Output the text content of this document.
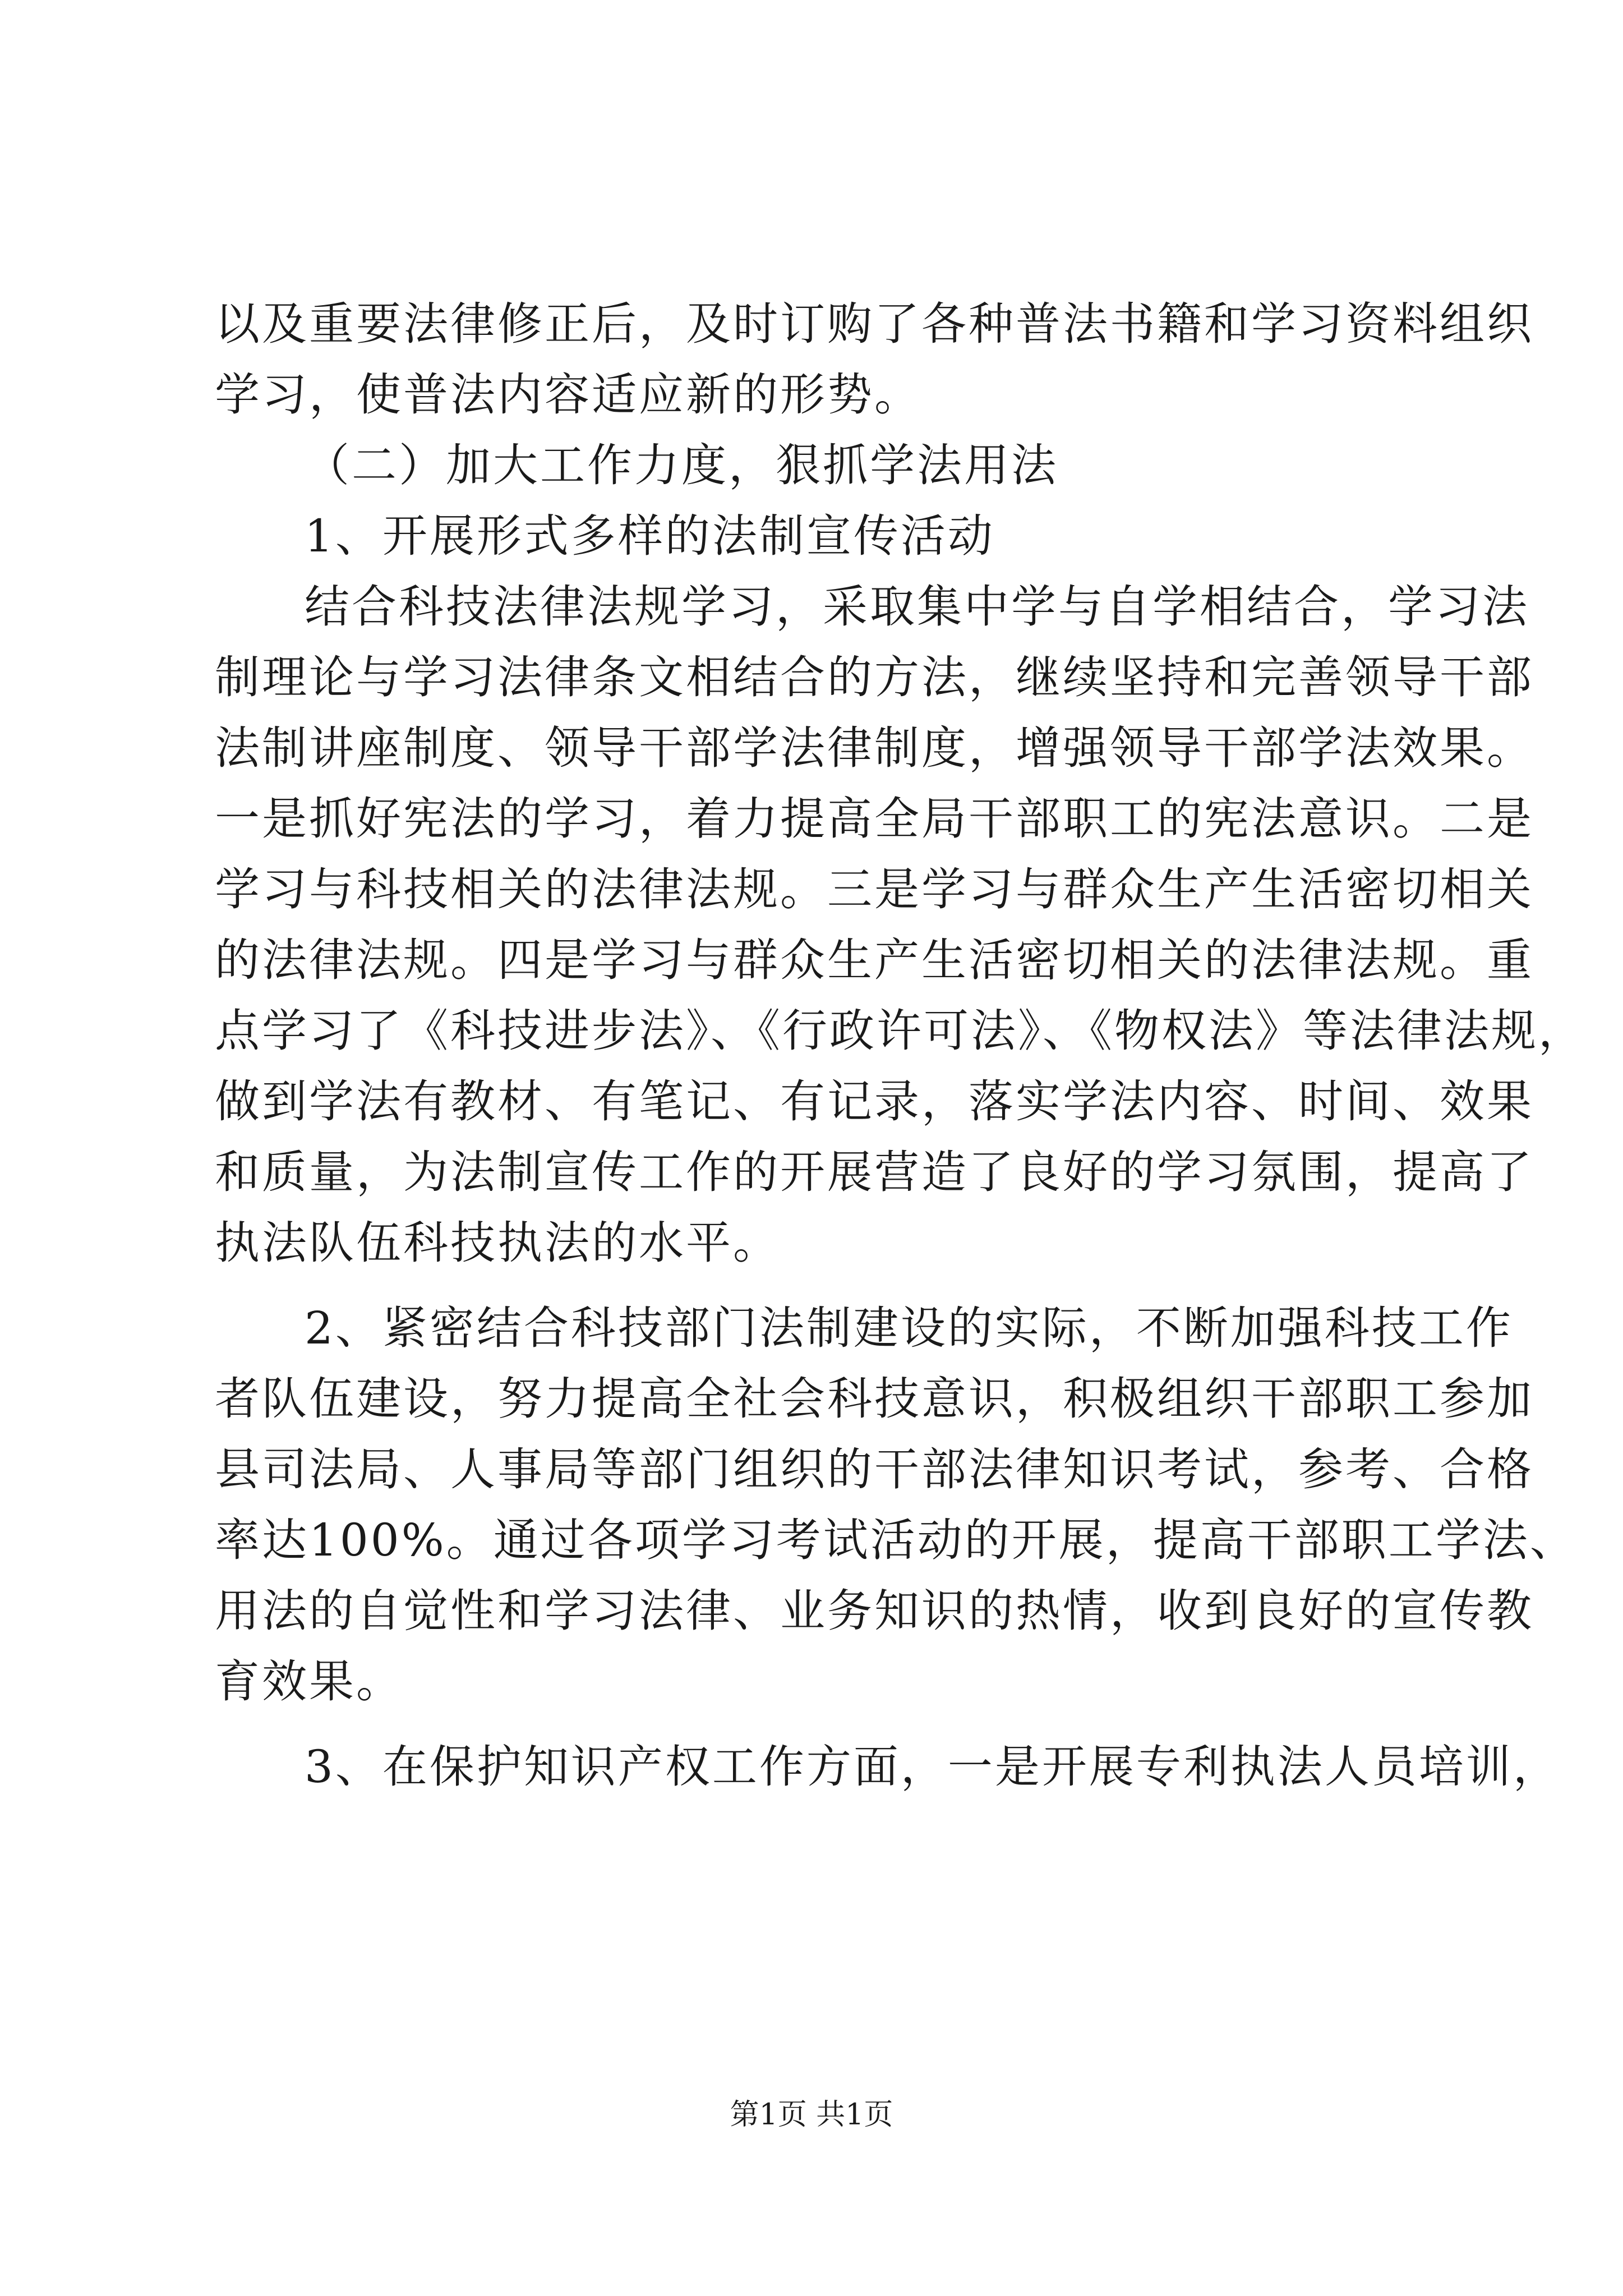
以及重要法律修正后，及时订购了各种普法书籍和学习资料组织
学习，使普法内容适应新的形势。
（二）加大工作力度，狠抓学法用法
1、开展形式多样的法制宣传活动
结合科技法律法规学习，采取集中学与自学相结合，学习法
制理论与学习法律条文相结合的方法，继续坚持和完善领导干部
法制讲座制度、领导干部学法律制度，增强领导干部学法效果。
一是抓好宪法的学习，着力提高全局干部职工的宪法意识。二是
学习与科技相关的法律法规。三是学习与群众生产生活密切相关
的法律法规。四是学习与群众生产生活密切相关的法律法规。重
点学习了《科技进步法》、《行政许可法》、《物权法》等法律法规，
做到学法有教材、有笔记、有记录，落实学法内容、时间、效果
和质量，为法制宣传工作的开展营造了良好的学习氛围，提高了
执法队伍科技执法的水平。
2、紧密结合科技部门法制建设的实际，不断加强科技工作
者队伍建设，努力提高全社会科技意识，积极组织干部职工参加
县司法局、人事局等部门组织的干部法律知识考试，参考、合格
率达100%。通过各项学习考试活动的开展，提高干部职工学法、
用法的自觉性和学习法律、业务知识的热情，收到良好的宣传教
育效果。
3、在保护知识产权工作方面，一是开展专利执法人员培训，
第1页 共1页
